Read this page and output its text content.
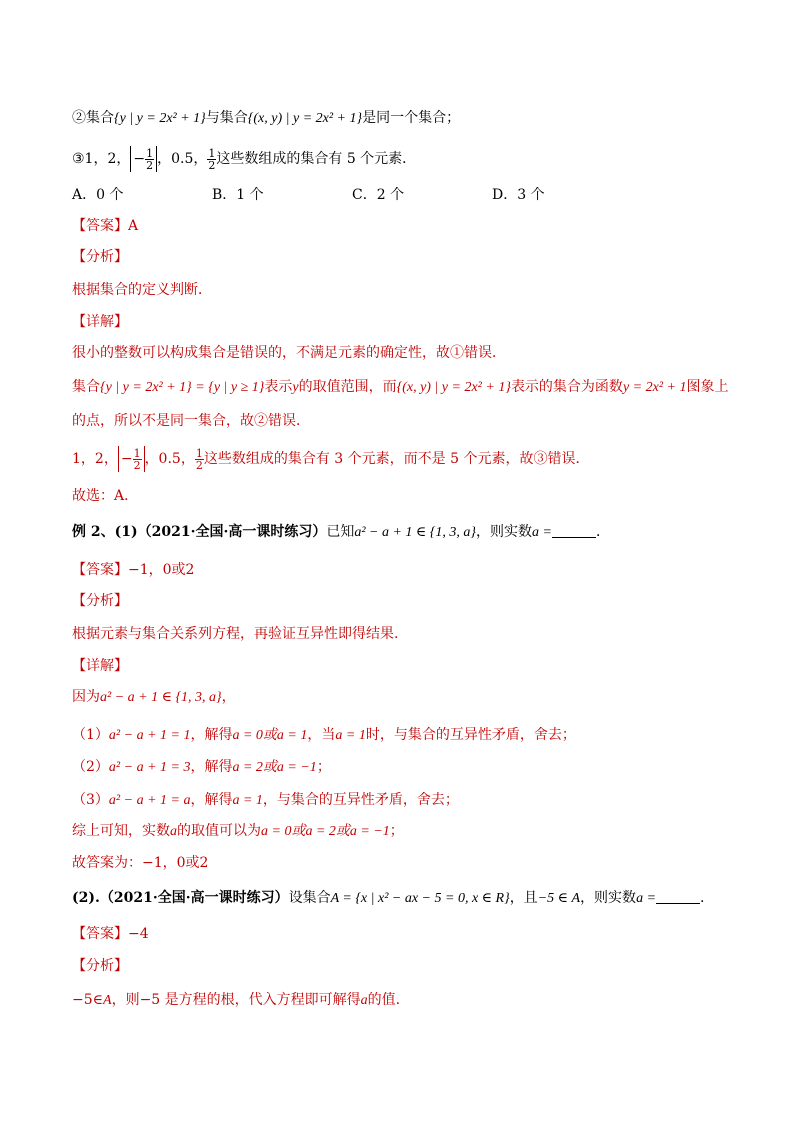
②集合{y | y = 2x² + 1}与集合{(x, y) | y = 2x² + 1}是同一个集合；
③1，2， − $\frac{1}{2}$ ，0.5， $\frac{1}{2}$ 这些数组成的集合有 5 个元素．
A．0 个	B．1 个	C．2 个	D．3 个
【答案】A
【分析】
根据集合的定义判断．
【详解】
很小的整数可以构成集合是错误的，不满足元素的确定性，故①错误．
集合{y | y = 2x² + 1} = {y | y ≥ 1}表示y的取值范围，而{(x, y) | y = 2x² + 1}表示的集合为函数y = 2x² + 1图象上
的点，所以不是同一集合，故②错误．
1，2， − $\frac{1}{2}$ ，0.5， $\frac{1}{2}$ 这些数组成的集合有 3 个元素，而不是 5 个元素，故③错误．
故选：A．
例 2、(1)（2021·全国·高一课时练习）已知a² − a + 1 ∈ {1, 3, a}，则实数a =	．
【答案】−1，0或2
【分析】
根据元素与集合关系列方程，再验证互异性即得结果.
【详解】
因为a² − a + 1 ∈ {1, 3, a}，
（1）a² − a + 1 = 1，解得a = 0或a = 1，当a = 1时，与集合的互异性矛盾，舍去；
（2）a² − a + 1 = 3，解得a = 2或a = −1；
（3）a² − a + 1 = a，解得a = 1，与集合的互异性矛盾，舍去；
综上可知，实数a的取值可以为a = 0或a = 2或a = −1；
故答案为：−1，0或2
(2).（2021·全国·高一课时练习）设集合A = {x | x² − ax − 5 = 0, x ∈ R}，且−5 ∈ A，则实数a =	.
【答案】−4
【分析】
−5∈A，则−5 是方程的根，代入方程即可解得a的值.
